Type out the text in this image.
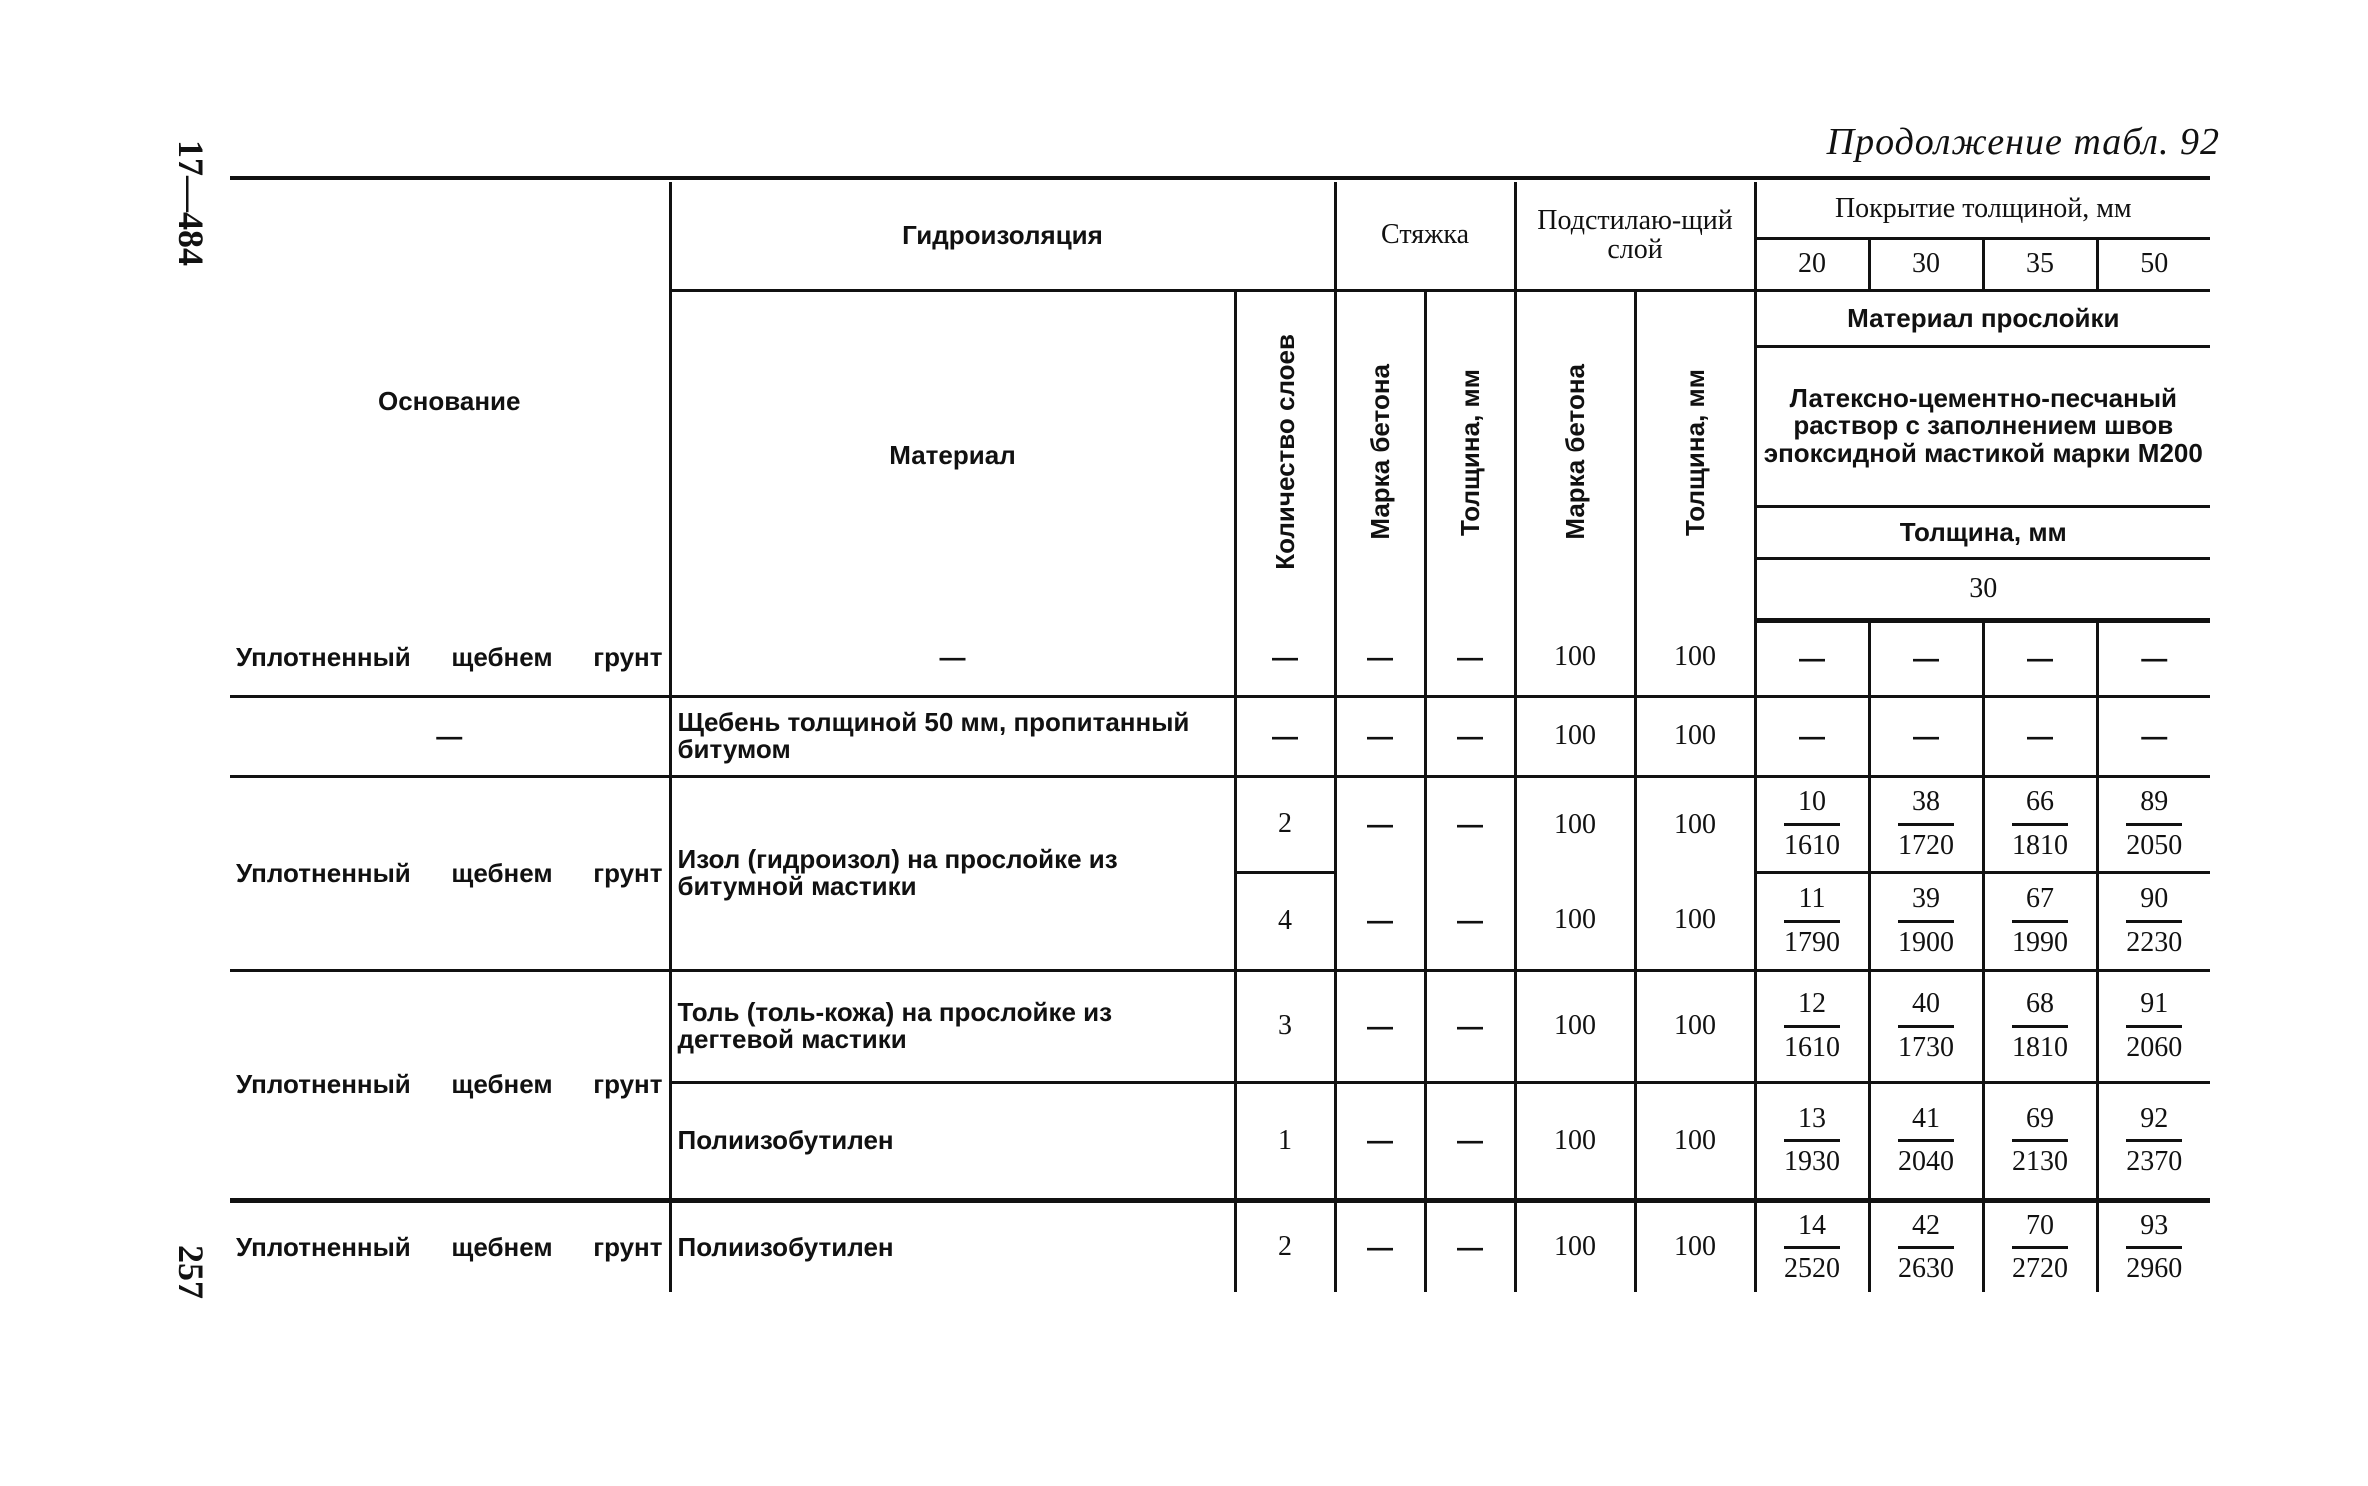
17—484
257
Продолжение табл. 92
Основание	Гидроизоляция		Стяжка		Подстилаю-щий слой		Покрытие толщиной, мм			
							20	30	35	50
	Материал	Количество слоев	Марка бетона	Толщина, мм	Марка бетона	Толщина, мм	Материал прослойки			
							Латексно-цементно-песчаный раствор с заполнением швов эпоксидной мастикой марки М200			
							Толщина, мм			
							30			
Уплотненный щебнем грунт	—	—	—	—	100	100	—	—	—	—
—	Щебень толщиной 50 мм, пропитанный битумом	—	—	—	100	100	—	—	—	—
Уплотненный щебнем грунт	Изол (гидроизол) на прослойке из битумной мастики	2	—	—	100	100	$\frac{10}{1610}$	$\frac{38}{1720}$	$\frac{66}{1810}$	$\frac{89}{2050}$

		4	—	—	100	100	$\frac{11}{1790}$	$\frac{39}{1900}$	$\frac{67}{1990}$	$\frac{90}{2230}$

Уплотненный щебнем грунт	Толь (толь-кожа) на прослойке из дегтевой мастики	3	—	—	100	100	$\frac{12}{1610}$	$\frac{40}{1730}$	$\frac{68}{1810}$	$\frac{91}{2060}$

	Полиизобутилен	1	—	—	100	100	$\frac{13}{1930}$	$\frac{41}{2040}$	$\frac{69}{2130}$	$\frac{92}{2370}$

Уплотненный щебнем грунт	Полиизобутилен	2	—	—	100	100	$\frac{14}{2520}$	$\frac{42}{2630}$	$\frac{70}{2720}$	$\frac{93}{2960}$
